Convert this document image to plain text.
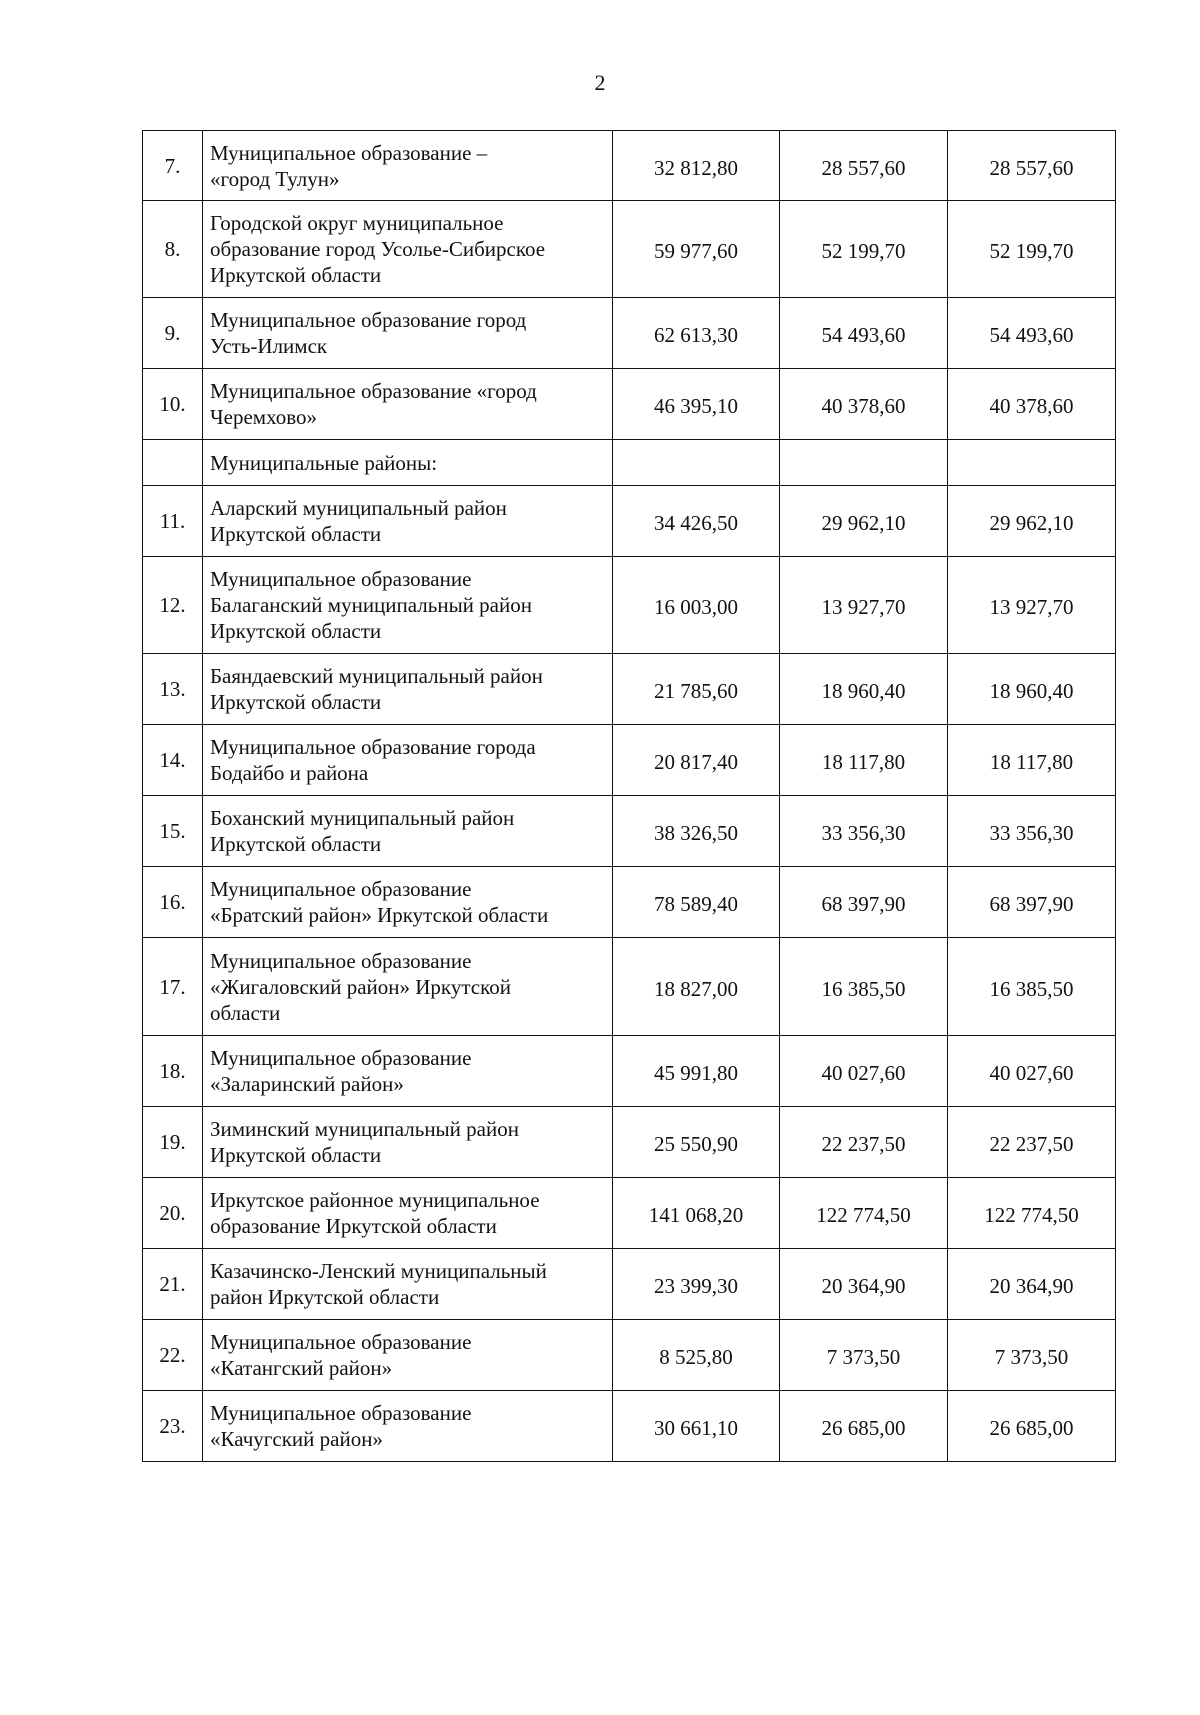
2
7.	Муниципальное образование –
«город Тулун»	32 812,80	28 557,60	28 557,60
8.	Городской округ муниципальное
образование город Усолье-Сибирское
Иркутской области	59 977,60	52 199,70	52 199,70
9.	Муниципальное образование город
Усть-Илимск	62 613,30	54 493,60	54 493,60
10.	Муниципальное образование «город
Черемхово»	46 395,10	40 378,60	40 378,60
	Муниципальные районы:			
11.	Аларский муниципальный район
Иркутской области	34 426,50	29 962,10	29 962,10
12.	Муниципальное образование
Балаганский муниципальный район
Иркутской области	16 003,00	13 927,70	13 927,70
13.	Баяндаевский муниципальный район
Иркутской области	21 785,60	18 960,40	18 960,40
14.	Муниципальное образование города
Бодайбо и района	20 817,40	18 117,80	18 117,80
15.	Боханский муниципальный район
Иркутской области	38 326,50	33 356,30	33 356,30
16.	Муниципальное образование
«Братский район» Иркутской области	78 589,40	68 397,90	68 397,90
17.	Муниципальное образование
«Жигаловский район» Иркутской
области	18 827,00	16 385,50	16 385,50
18.	Муниципальное образование
«Заларинский район»	45 991,80	40 027,60	40 027,60
19.	Зиминский муниципальный район
Иркутской области	25 550,90	22 237,50	22 237,50
20.	Иркутское районное муниципальное
образование Иркутской области	141 068,20	122 774,50	122 774,50
21.	Казачинско-Ленский муниципальный
район Иркутской области	23 399,30	20 364,90	20 364,90
22.	Муниципальное образование
«Катангский район»	8 525,80	7 373,50	7 373,50
23.	Муниципальное образование
«Качугский район»	30 661,10	26 685,00	26 685,00
